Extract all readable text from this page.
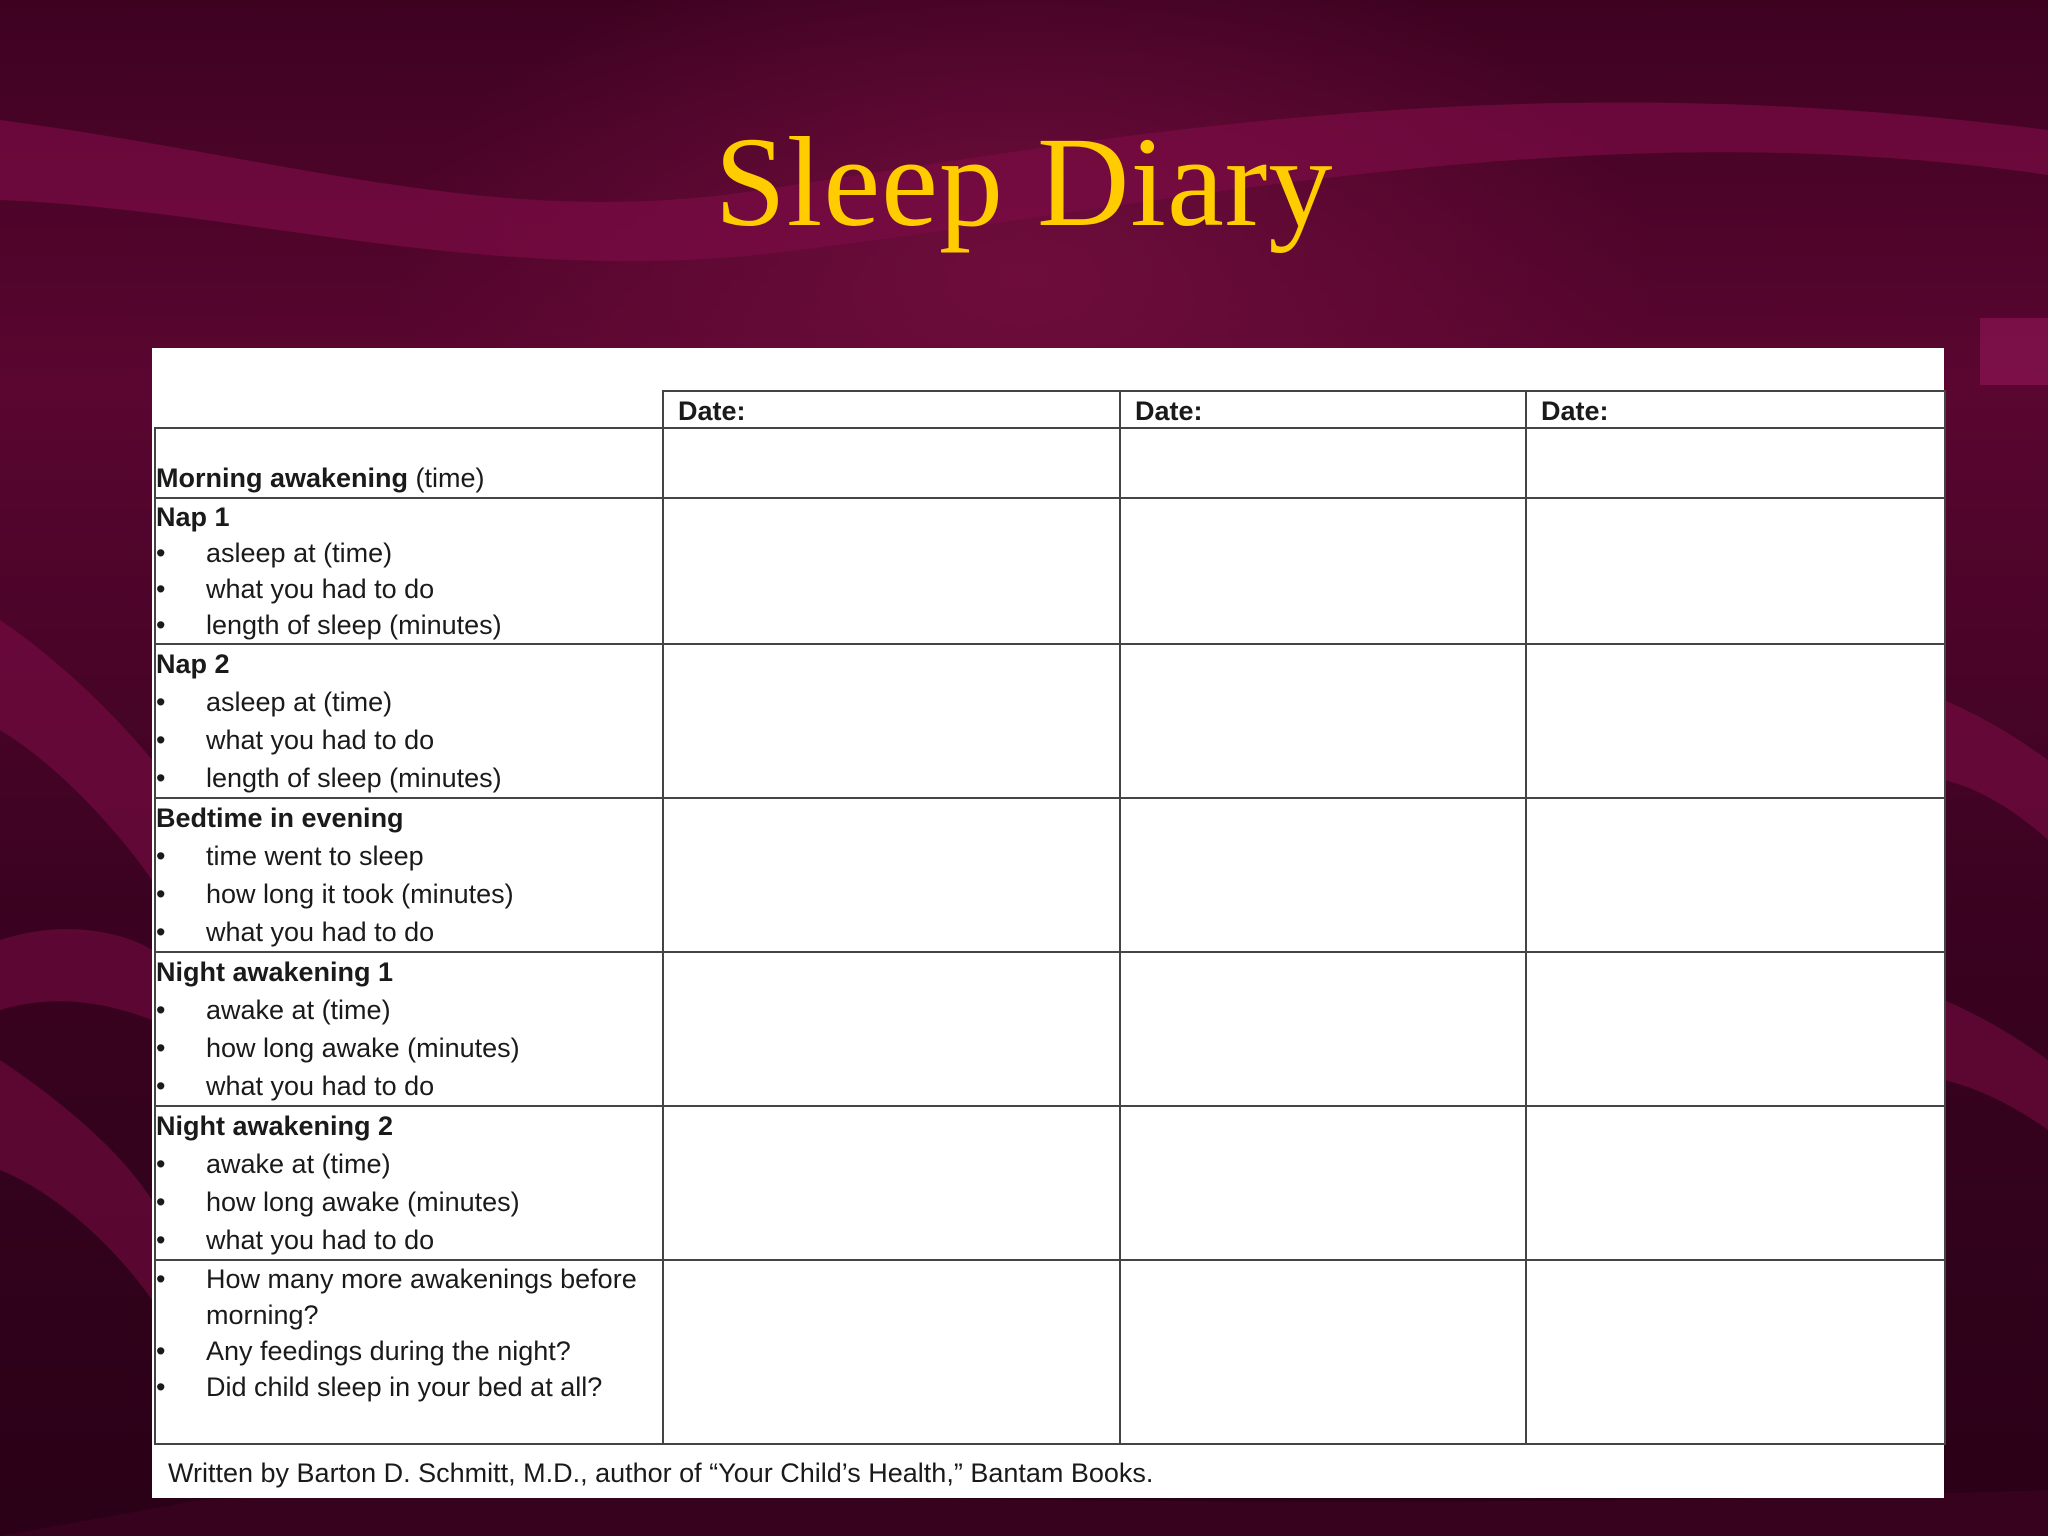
Sleep Diary
	Date:	Date:	Date:
Morning awakening (time)			

Nap 1
• asleep at (time)
• what you had to do
• length of sleep (minutes)

Nap 2
• asleep at (time)
• what you had to do
• length of sleep (minutes)

Bedtime in evening
• time went to sleep
• how long it took (minutes)
• what you had to do

Night awakening 1
• awake at (time)
• how long awake (minutes)
• what you had to do

Night awakening 2
• awake at (time)
• how long awake (minutes)
• what you had to do

• How many more awakenings before morning?
• Any feedings during the night?
• Did child sleep in your bed at all?

Written by Barton D. Schmitt, M.D., author of “Your Child’s Health,” Bantam Books.
